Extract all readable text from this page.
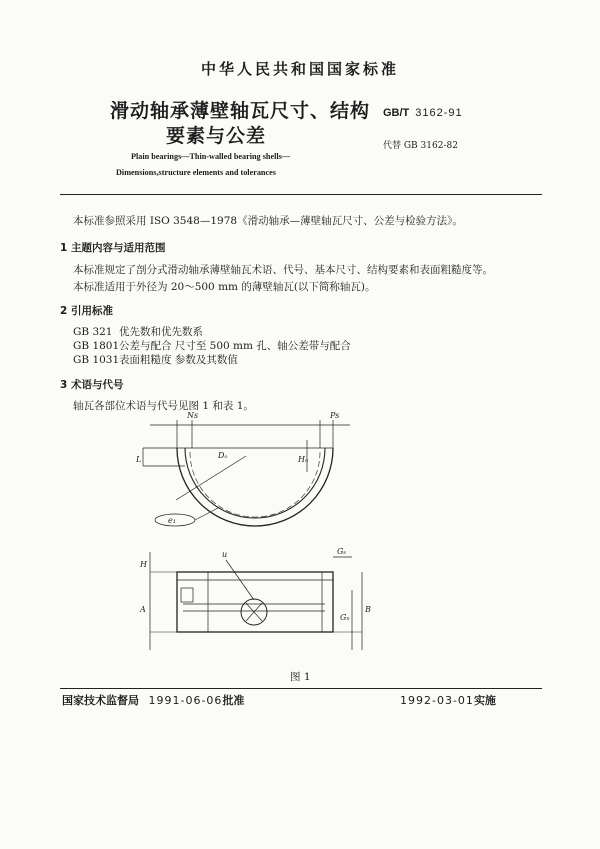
中华人民共和国国家标准
滑动轴承薄壁轴瓦尺寸、结构
要素与公差
GB/T 3162-91
代替 GB 3162-82
Plain bearings—Thin-walled bearing shells—
Dimensions,structure elements and tolerances
本标准参照采用 ISO 3548—1978《滑动轴承—薄壁轴瓦尺寸、公差与检验方法》。
1 主题内容与适用范围
本标准规定了剖分式滑动轴承薄壁轴瓦术语、代号、基本尺寸、结构要素和表面粗糙度等。
本标准适用于外径为 20～500 mm 的薄壁轴瓦(以下简称轴瓦)。
2 引用标准
GB 321 优先数和优先数系
GB 1801公差与配合 尺寸至 500 mm 孔、轴公差带与配合
GB 1031表面粗糙度 参数及其数值
3 术语与代号
轴瓦各部位术语与代号见图 1 和表 1。
Ns	Ps
L	Dₒ	Hₙ
e₁
u
H
Gₛ
A
Gₙ
B
图 1
国家技术监督局 1991-06-06批准	1992-03-01实施
